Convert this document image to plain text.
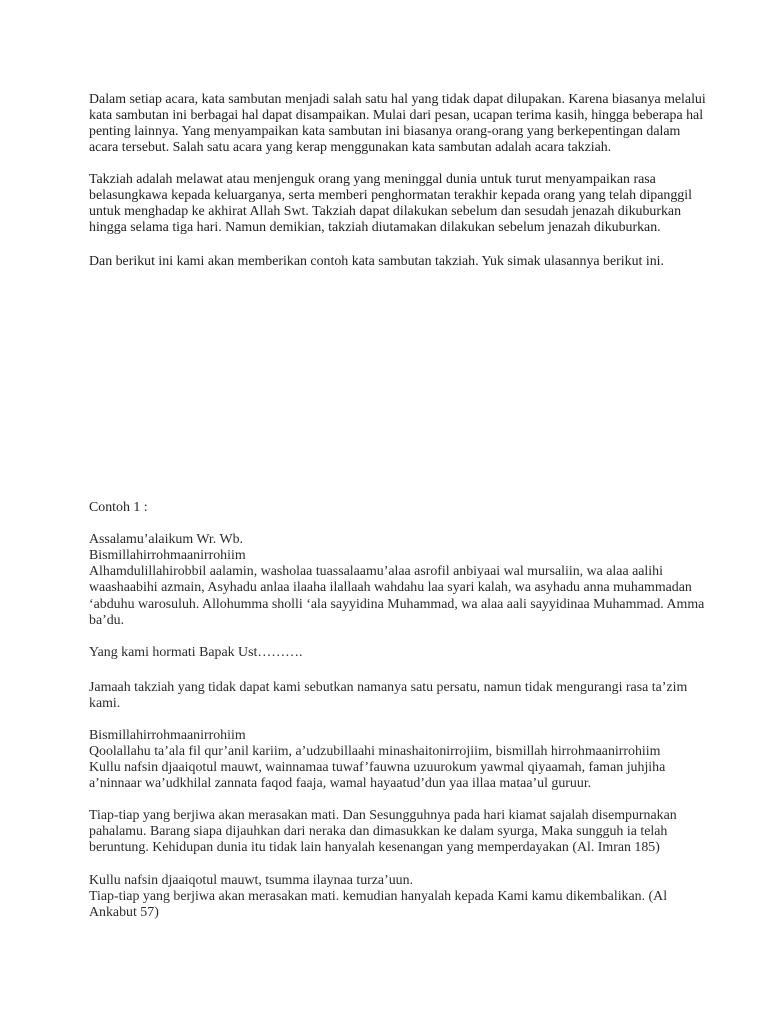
Dalam setiap acara, kata sambutan menjadi salah satu hal yang tidak dapat dilupakan. Karena biasanya melalui

kata sambutan ini berbagai hal dapat disampaikan. Mulai dari pesan, ucapan terima kasih, hingga beberapa hal

penting lainnya. Yang menyampaikan kata sambutan ini biasanya orang-orang yang berkepentingan dalam

acara tersebut. Salah satu acara yang kerap menggunakan kata sambutan adalah acara takziah.

Takziah adalah melawat atau menjenguk orang yang meninggal dunia untuk turut menyampaikan rasa

belasungkawa kepada keluarganya, serta memberi penghormatan terakhir kepada orang yang telah dipanggil

untuk menghadap ke akhirat Allah Swt. Takziah dapat dilakukan sebelum dan sesudah jenazah dikuburkan

hingga selama tiga hari. Namun demikian, takziah diutamakan dilakukan sebelum jenazah dikuburkan.

Dan berikut ini kami akan memberikan contoh kata sambutan takziah. Yuk simak ulasannya berikut ini.

Contoh 1 :

Assalamu’alaikum Wr. Wb.

Bismillahirrohmaanirrohiim

Alhamdulillahirobbil aalamin, washolaa tuassalaamu’alaa asrofil anbiyaai wal mursaliin, wa alaa aalihi

waashaabihi azmain, Asyhadu anlaa ilaaha ilallaah wahdahu laa syari kalah, wa asyhadu anna muhammadan

‘abduhu warosuluh. Allohumma sholli ‘ala sayyidina Muhammad, wa alaa aali sayyidinaa Muhammad. Amma

ba’du.

Yang kami hormati Bapak Ust……….

Jamaah takziah yang tidak dapat kami sebutkan namanya satu persatu, namun tidak mengurangi rasa ta’zim

kami.

Bismillahirrohmaanirrohiim

Qoolallahu ta’ala fil qur’anil kariim, a’udzubillaahi minashaitonirrojiim, bismillah hirrohmaanirrohiim

Kullu nafsin djaaiqotul mauwt, wainnamaa tuwaf’fauwna uzuurokum yawmal qiyaamah, faman juhjiha

a’ninnaar wa’udkhilal zannata faqod faaja, wamal hayaatud’dun yaa illaa mataa’ul guruur.

Tiap-tiap yang berjiwa akan merasakan mati. Dan Sesungguhnya pada hari kiamat sajalah disempurnakan

pahalamu. Barang siapa dijauhkan dari neraka dan dimasukkan ke dalam syurga, Maka sungguh ia telah

beruntung. Kehidupan dunia itu tidak lain hanyalah kesenangan yang memperdayakan (Al. Imran 185)

Kullu nafsin djaaiqotul mauwt, tsumma ilaynaa turza’uun.

Tiap-tiap yang berjiwa akan merasakan mati. kemudian hanyalah kepada Kami kamu dikembalikan. (Al

Ankabut 57)
